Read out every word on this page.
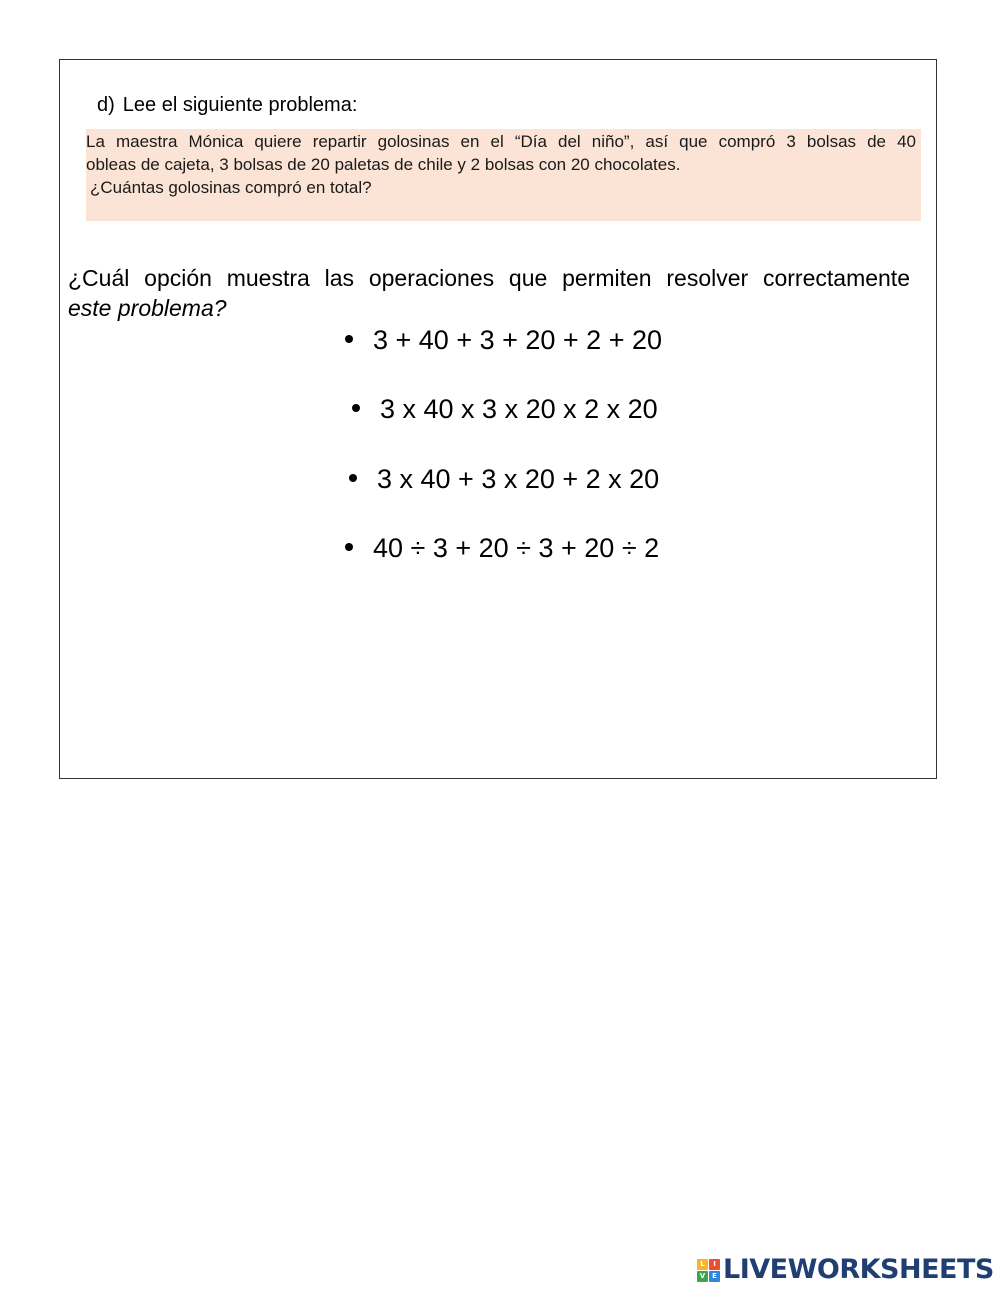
d) Lee el siguiente problema:
La maestra Mónica quiere repartir golosinas en el “Día del niño”, así que compró 3 bolsas de 40
obleas de cajeta, 3 bolsas de 20 paletas de chile y 2 bolsas con 20 chocolates.
¿Cuántas golosinas compró en total?
¿Cuál opción muestra las operaciones que permiten resolver correctamente
este problema?
3 + 40 + 3 + 20 + 2 + 20
3 x 40 x 3 x 20 x 2 x 20
3 x 40 + 3 x 20 + 2 x 20
40 ÷ 3 + 20 ÷ 3 + 20 ÷ 2
L	I
V E LIVEWORKSHEETS
